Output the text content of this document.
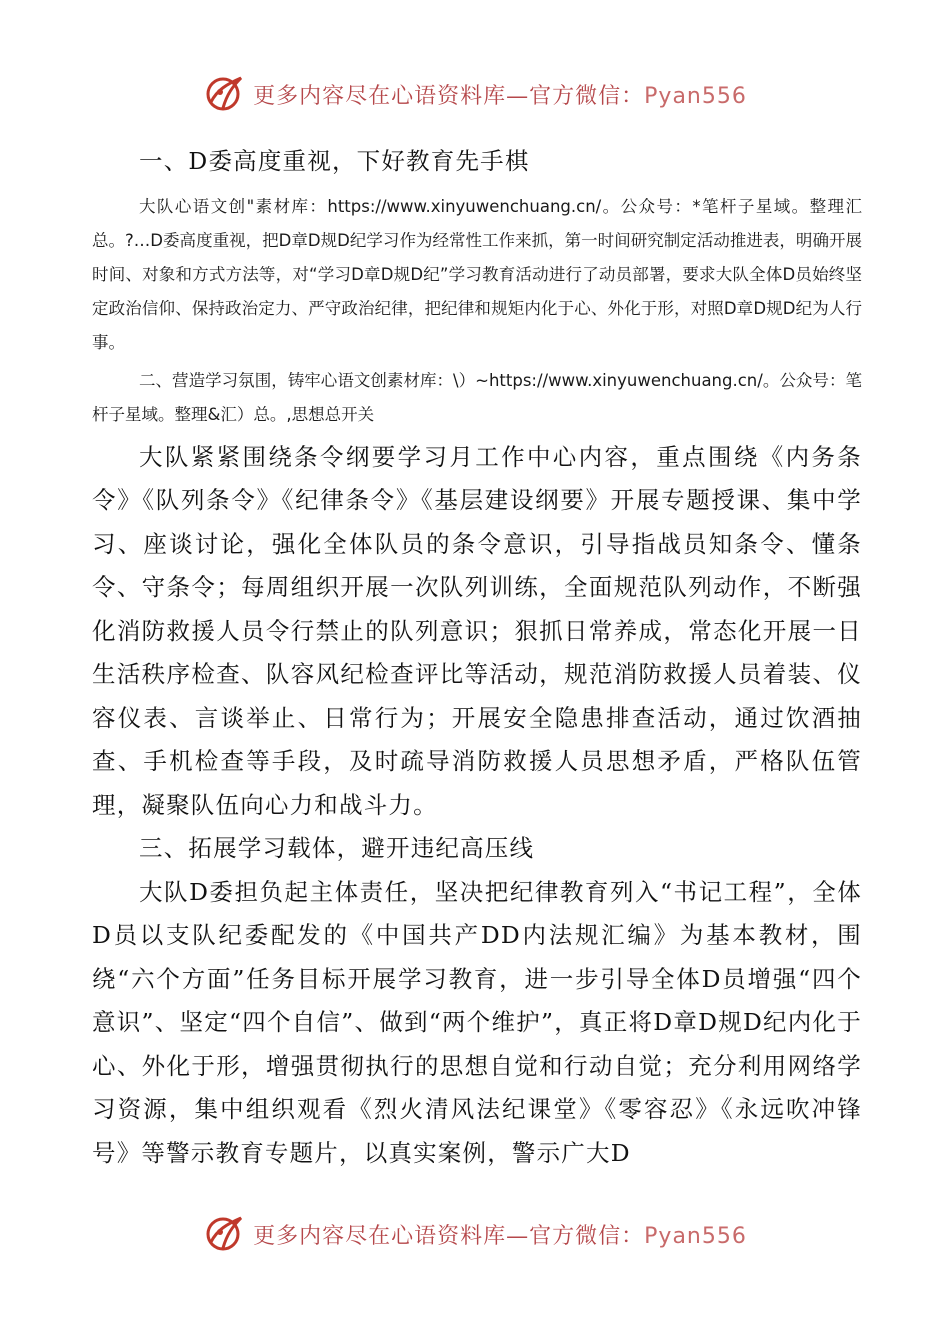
更多内容尽在心语资料库—官方微信：Pyan556

一、D委高度重视，下好教育先手棋

大队心语文创"素材库：https://www.xinyuwenchuang.cn/。公众号：*笔杆子星域。整理汇总。?…D委高度重视，把D章D规D纪学习作为经常性工作来抓，第一时间研究制定活动推进表，明确开展时间、对象和方式方法等，对“学习D章D规D纪”学习教育活动进行了动员部署，要求大队全体D员始终坚定政治信仰、保持政治定力、严守政治纪律，把纪律和规矩内化于心、外化于形，对照D章D规D纪为人行事。

二、营造学习氛围，铸牢心语文创素材库：\）~https://www.xinyuwenchuang.cn/。公众号：笔杆子星域。整理&汇）总。,思想总开关

大队紧紧围绕条令纲要学习月工作中心内容，重点围绕《内务条令》《队列条令》《纪律条令》《基层建设纲要》开展专题授课、集中学习、座谈讨论，强化全体队员的条令意识，引导指战员知条令、懂条令、守条令；每周组织开展一次队列训练，全面规范队列动作，不断强化消防救援人员令行禁止的队列意识；狠抓日常养成，常态化开展一日生活秩序检查、队容风纪检查评比等活动，规范消防救援人员着装、仪容仪表、言谈举止、日常行为；开展安全隐患排查活动，通过饮酒抽查、手机检查等手段，及时疏导消防救援人员思想矛盾，严格队伍管理，凝聚队伍向心力和战斗力。

三、拓展学习载体，避开违纪高压线

大队D委担负起主体责任，坚决把纪律教育列入“书记工程”，全体D员以支队纪委配发的《中国共产DD内法规汇编》为基本教材，围绕“六个方面”任务目标开展学习教育，进一步引导全体D员增强“四个意识”、坚定“四个自信”、做到“两个维护”，真正将D章D规D纪内化于心、外化于形，增强贯彻执行的思想自觉和行动自觉；充分利用网络学习资源，集中组织观看《烈火清风法纪课堂》《零容忍》《永远吹冲锋号》等警示教育专题片，以真实案例，警示广大D

更多内容尽在心语资料库—官方微信：Pyan556
